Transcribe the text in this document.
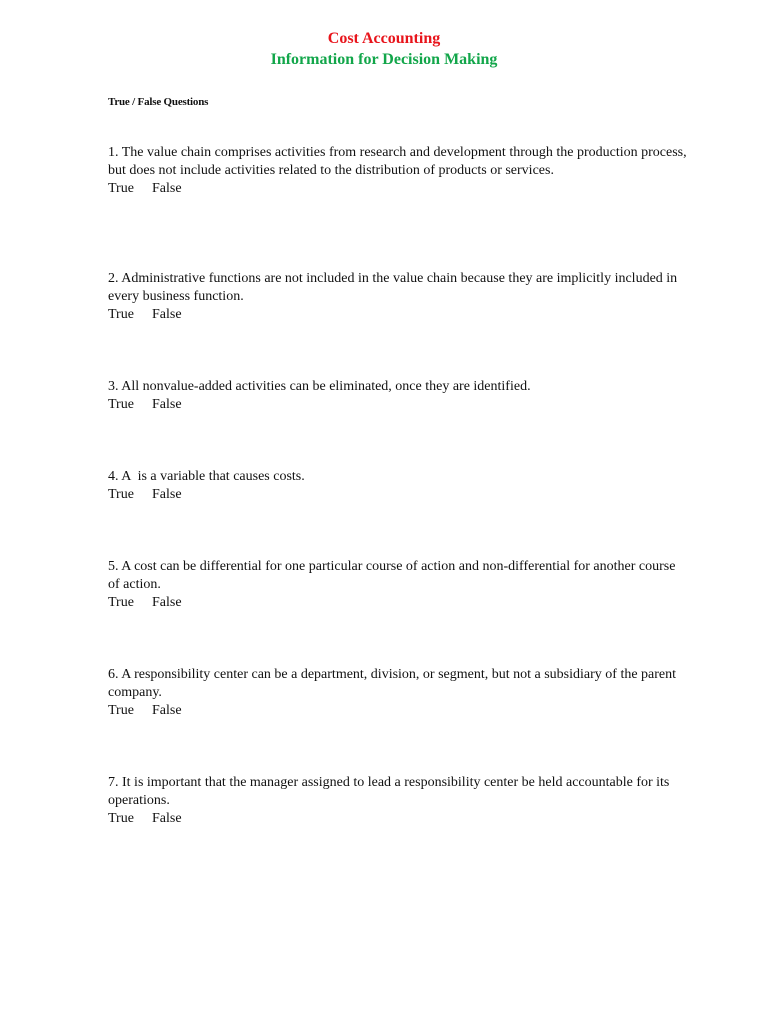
Cost Accounting
Information for Decision Making
True / False Questions
1. The value chain comprises activities from research and development through the production process, but does not include activities related to the distribution of products or services.
True False
2. Administrative functions are not included in the value chain because they are implicitly included in every business function.
True False
3. All nonvalue-added activities can be eliminated, once they are identified.
True False
4. A  is a variable that causes costs.
True False
5. A cost can be differential for one particular course of action and non-differential for another course of action.
True False
6. A responsibility center can be a department, division, or segment, but not a subsidiary of the parent company.
True False
7. It is important that the manager assigned to lead a responsibility center be held accountable for its operations.
True False
